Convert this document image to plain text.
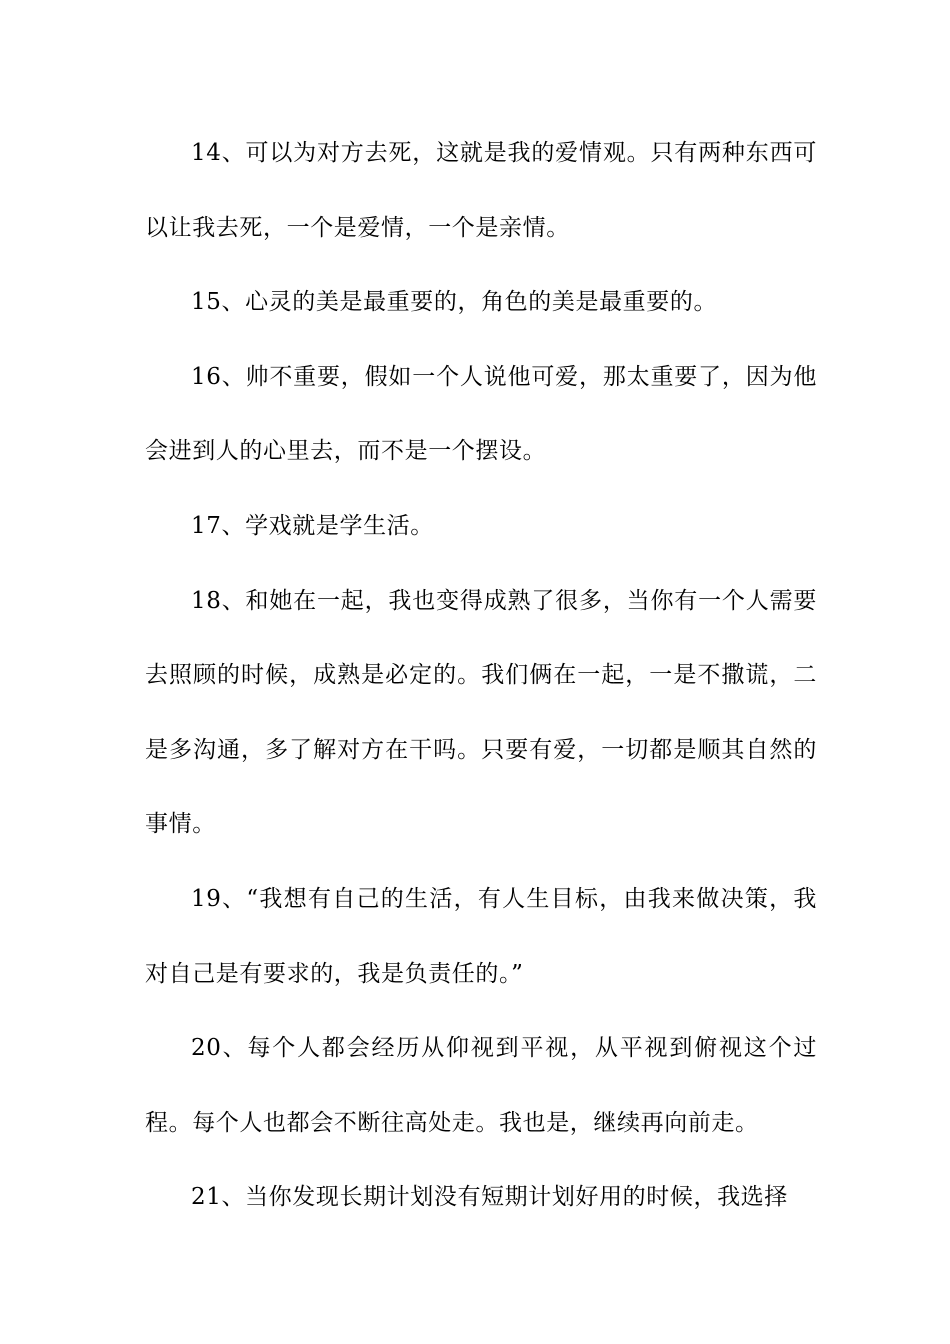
14、可以为对方去死，这就是我的爱情观。只有两种东西可以让我去死，一个是爱情，一个是亲情。

15、心灵的美是最重要的，角色的美是最重要的。

16、帅不重要，假如一个人说他可爱，那太重要了，因为他会进到人的心里去，而不是一个摆设。

17、学戏就是学生活。

18、和她在一起，我也变得成熟了很多，当你有一个人需要去照顾的时候，成熟是必定的。我们俩在一起，一是不撒谎，二是多沟通，多了解对方在干吗。只要有爱，一切都是顺其自然的事情。

19、“我想有自己的生活，有人生目标，由我来做决策，我对自己是有要求的，我是负责任的。”

20、每个人都会经历从仰视到平视，从平视到俯视这个过程。每个人也都会不断往高处走。我也是，继续再向前走。

21、当你发现长期计划没有短期计划好用的时候，我选择
